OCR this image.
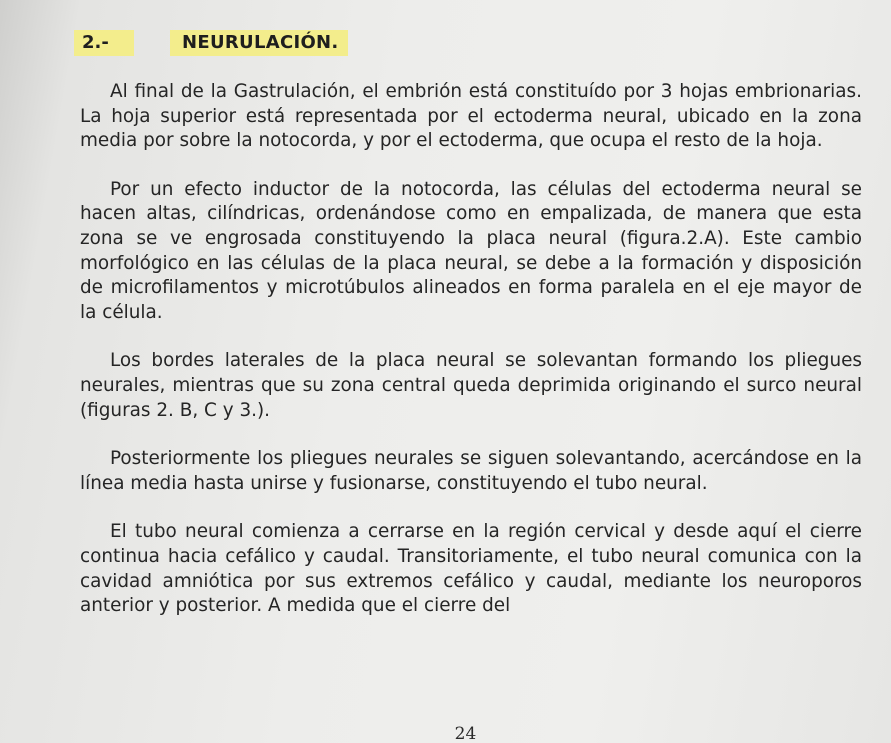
2.-	NEURULACIÓN.

Al final de la Gastrulación, el embrión está constituído por 3 hojas embrionarias. La hoja superior está representada por el ectoderma neural, ubicado en la zona media por sobre la notocorda, y por el ectoderma, que ocupa el resto de la hoja.

Por un efecto inductor de la notocorda, las células del ectoderma neural se hacen altas, cilíndricas, ordenándose como en empalizada, de manera que esta zona se ve engrosada constituyendo la placa neural (figura.2.A). Este cambio morfológico en las células de la placa neural, se debe a la formación y disposición de microfilamentos y microtúbulos alineados en forma paralela en el eje mayor de la célula.

Los bordes laterales de la placa neural se solevantan formando los pliegues neurales, mientras que su zona central queda deprimida originando el surco neural (figuras 2. B, C y 3.).

Posteriormente los pliegues neurales se siguen solevantando, acercándose en la línea media hasta unirse y fusionarse, constituyendo el tubo neural.

El tubo neural comienza a cerrarse en la región cervical y desde aquí el cierre continua hacia cefálico y caudal. Transitoriamente, el tubo neural comunica con la cavidad amniótica por sus extremos cefálico y caudal, mediante los neuroporos anterior y posterior. A medida que el cierre del

24
